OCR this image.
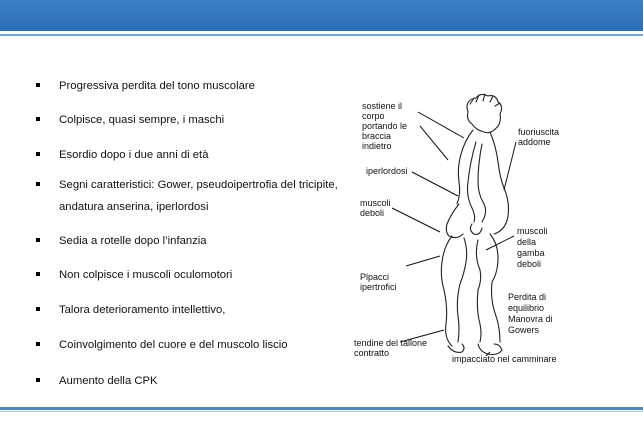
Progressiva perdita del tono muscolare
Colpisce, quasi sempre, i maschi
Esordio dopo i due anni di età
Segni caratteristici: Gower, pseudoipertrofia del tricipite, andatura anserina, iperlordosi
Sedia a rotelle dopo l’infanzia
Non colpisce i muscoli oculomotori
Talora deterioramento intellettivo,
Coinvolgimento del cuore e del muscolo liscio
Aumento della CPK
sostiene il
corpo
portando le
braccia
indietro
fuoriuscita
addome
iperlordosi
muscoli
deboli
muscoli
della
gamba
deboli
Plpacci
ipertrofici
Perdita di
equilibrio
Manovra di
Gowers
tendine del tallone
contratto
impacciato nel camminare
